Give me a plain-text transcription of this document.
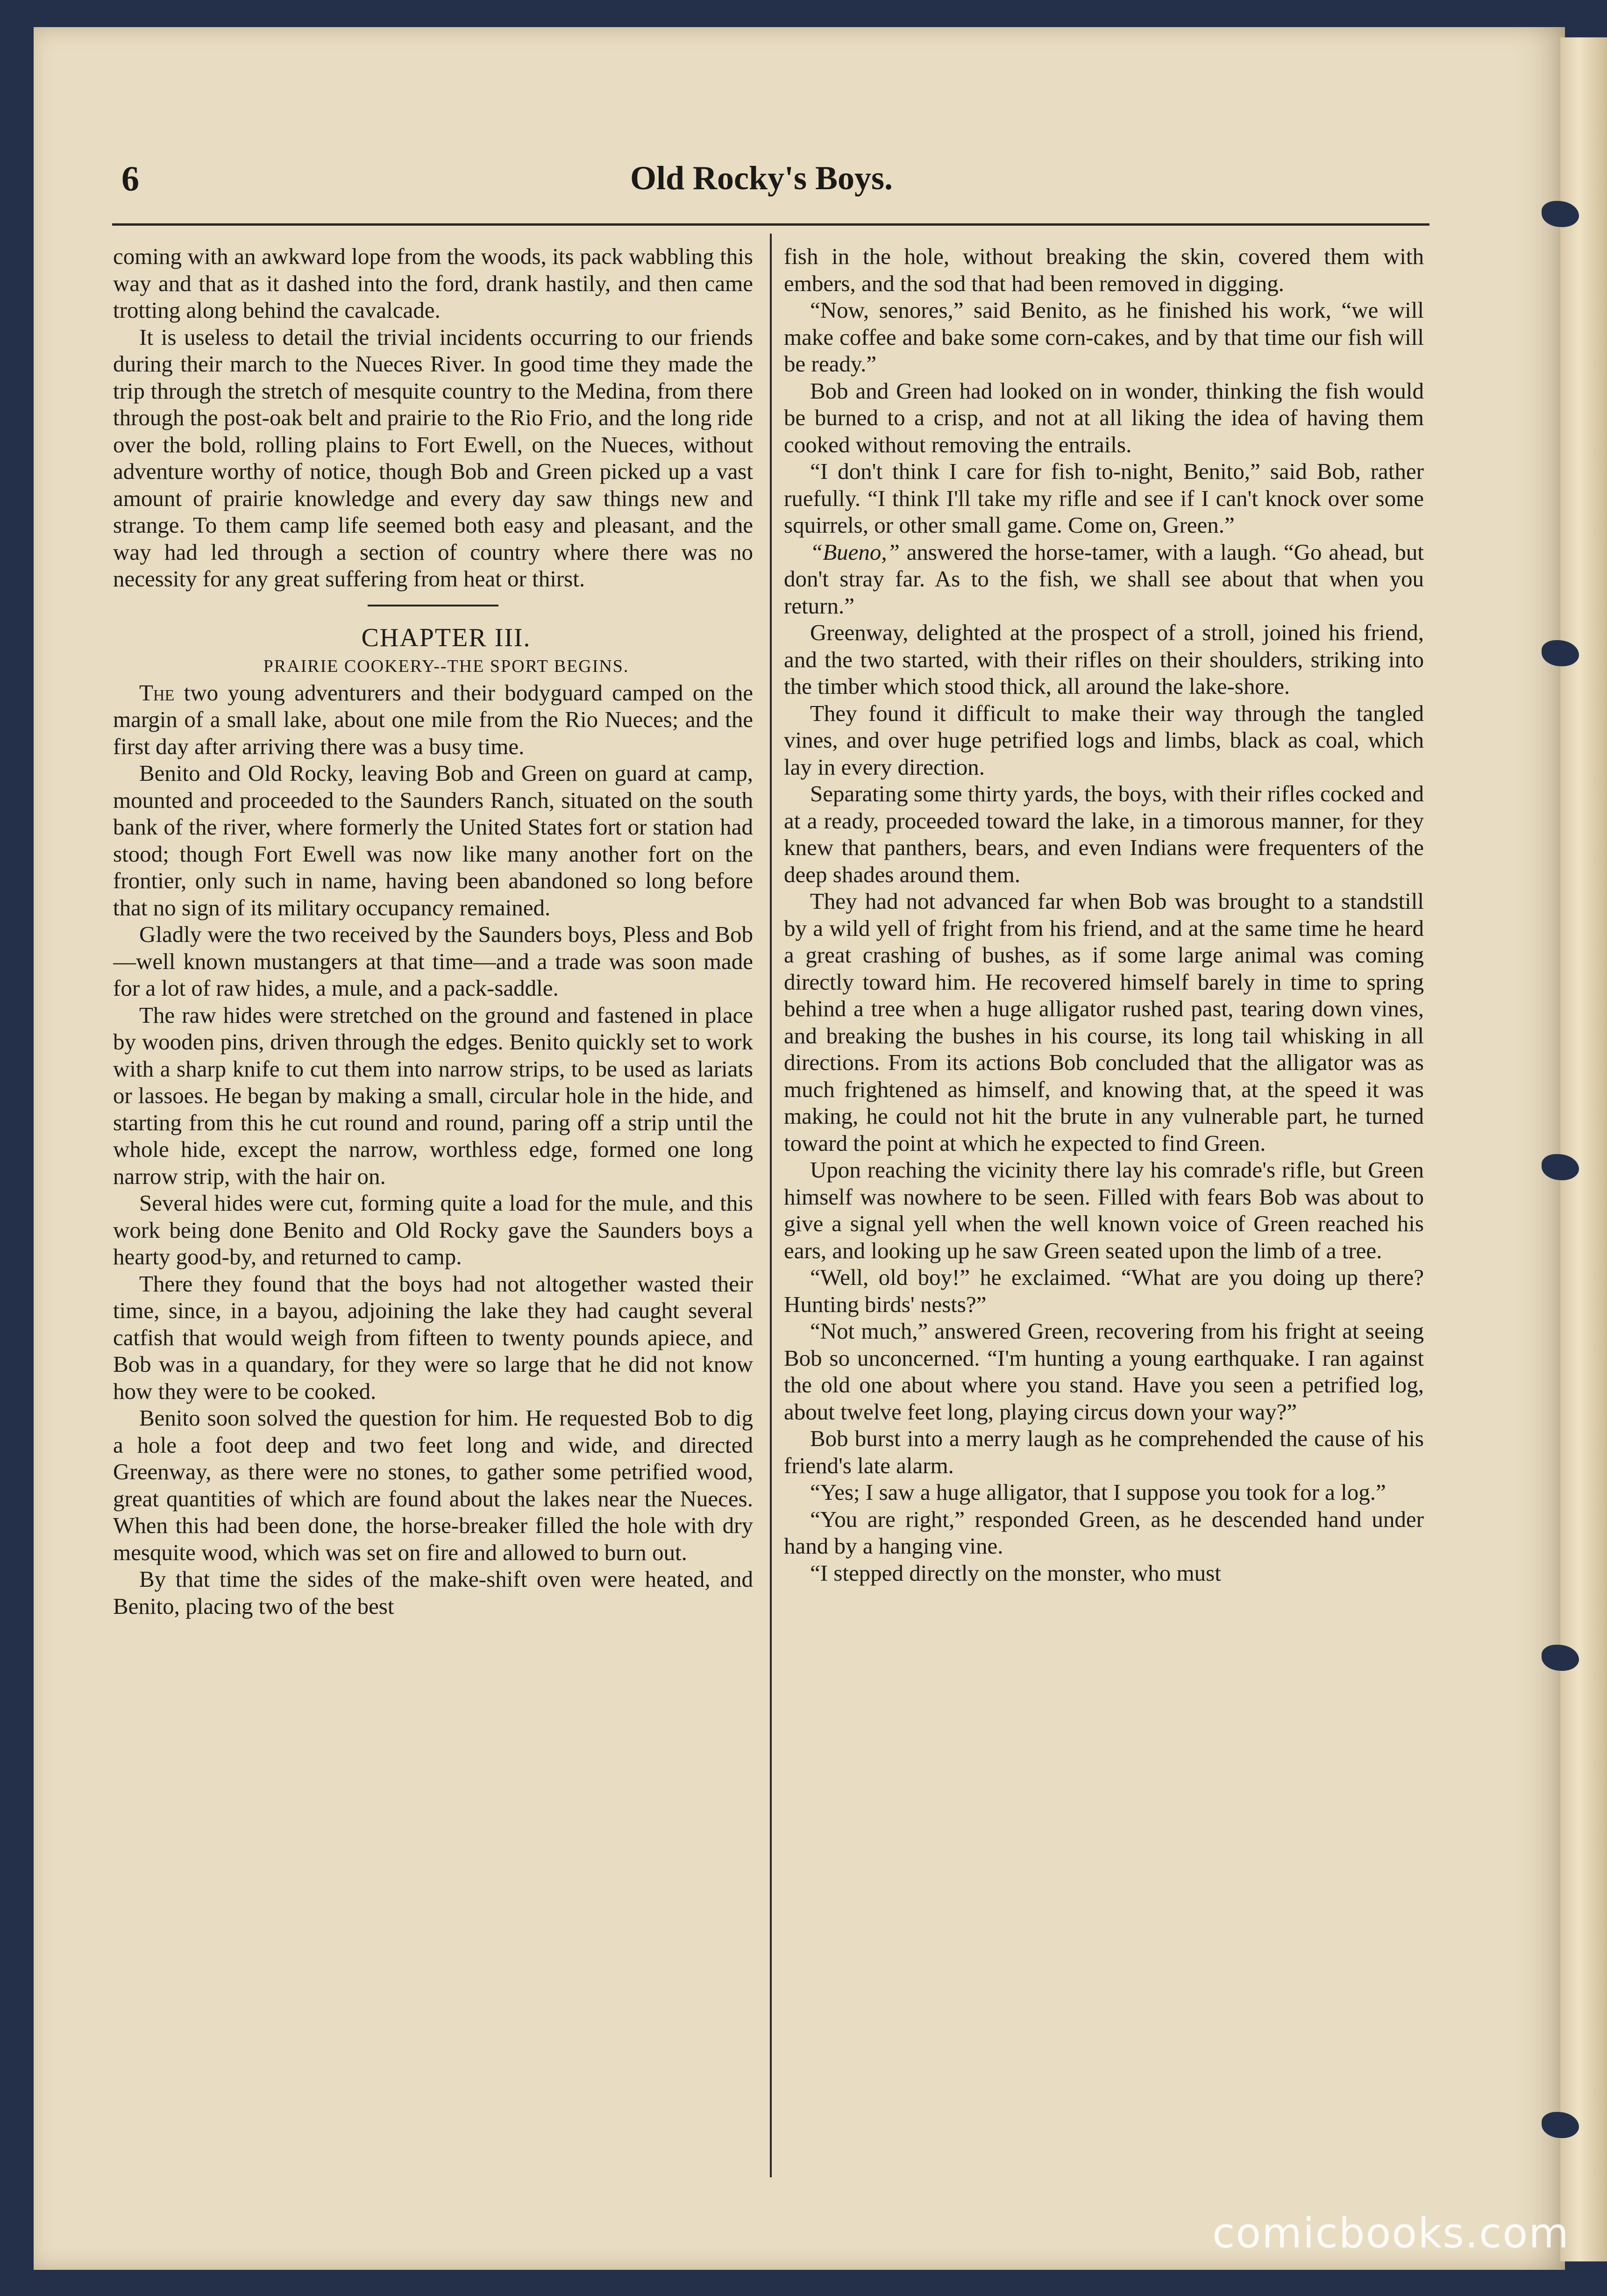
Old Rocky's Boys.
6

coming with an awkward lope from the woods, its pack wabbling this way and that as it dashed into the ford, drank hastily, and then came trotting along behind the cavalcade.

It is useless to detail the trivial incidents occurring to our friends during their march to the Nueces River. In good time they made the trip through the stretch of mesquite country to the Medina, from there through the post-oak belt and prairie to the Rio Frio, and the long ride over the bold, rolling plains to Fort Ewell, on the Nueces, without adventure worthy of notice, though Bob and Green picked up a vast amount of prairie knowledge and every day saw things new and strange. To them camp life seemed both easy and pleasant, and the way had led through a section of country where there was no necessity for any great suffering from heat or thirst.

CHAPTER III.

PRAIRIE COOKERY--THE SPORT BEGINS.

The two young adventurers and their bodyguard camped on the margin of a small lake, about one mile from the Rio Nueces; and the first day after arriving there was a busy time.

Benito and Old Rocky, leaving Bob and Green on guard at camp, mounted and proceeded to the Saunders Ranch, situated on the south bank of the river, where formerly the United States fort or station had stood; though Fort Ewell was now like many another fort on the frontier, only such in name, having been abandoned so long before that no sign of its military occupancy remained.

Gladly were the two received by the Saunders boys, Pless and Bob—well known mustangers at that time—and a trade was soon made for a lot of raw hides, a mule, and a pack-saddle.

The raw hides were stretched on the ground and fastened in place by wooden pins, driven through the edges. Benito quickly set to work with a sharp knife to cut them into narrow strips, to be used as lariats or lassoes. He began by making a small, circular hole in the hide, and starting from this he cut round and round, paring off a strip until the whole hide, except the narrow, worthless edge, formed one long narrow strip, with the hair on.

Several hides were cut, forming quite a load for the mule, and this work being done Benito and Old Rocky gave the Saunders boys a hearty good-by, and returned to camp.

There they found that the boys had not altogether wasted their time, since, in a bayou, adjoining the lake they had caught several catfish that would weigh from fifteen to twenty pounds apiece, and Bob was in a quandary, for they were so large that he did not know how they were to be cooked.

Benito soon solved the question for him. He requested Bob to dig a hole a foot deep and two feet long and wide, and directed Greenway, as there were no stones, to gather some petrified wood, great quantities of which are found about the lakes near the Nueces. When this had been done, the horse-breaker filled the hole with dry mesquite wood, which was set on fire and allowed to burn out.

By that time the sides of the make-shift oven were heated, and Benito, placing two of the best

fish in the hole, without breaking the skin, covered them with embers, and the sod that had been removed in digging.

“Now, senores,” said Benito, as he finished his work, “we will make coffee and bake some corn-cakes, and by that time our fish will be ready.”

Bob and Green had looked on in wonder, thinking the fish would be burned to a crisp, and not at all liking the idea of having them cooked without removing the entrails.

“I don't think I care for fish to-night, Benito,” said Bob, rather ruefully. “I think I'll take my rifle and see if I can't knock over some squirrels, or other small game. Come on, Green.”

“Bueno,” answered the horse-tamer, with a laugh. “Go ahead, but don't stray far. As to the fish, we shall see about that when you return.”

Greenway, delighted at the prospect of a stroll, joined his friend, and the two started, with their rifles on their shoulders, striking into the timber which stood thick, all around the lake-shore.

They found it difficult to make their way through the tangled vines, and over huge petrified logs and limbs, black as coal, which lay in every direction.

Separating some thirty yards, the boys, with their rifles cocked and at a ready, proceeded toward the lake, in a timorous manner, for they knew that panthers, bears, and even Indians were frequenters of the deep shades around them.

They had not advanced far when Bob was brought to a standstill by a wild yell of fright from his friend, and at the same time he heard a great crashing of bushes, as if some large animal was coming directly toward him. He recovered himself barely in time to spring behind a tree when a huge alligator rushed past, tearing down vines, and breaking the bushes in his course, its long tail whisking in all directions. From its actions Bob concluded that the alligator was as much frightened as himself, and knowing that, at the speed it was making, he could not hit the brute in any vulnerable part, he turned toward the point at which he expected to find Green.

Upon reaching the vicinity there lay his comrade's rifle, but Green himself was nowhere to be seen. Filled with fears Bob was about to give a signal yell when the well known voice of Green reached his ears, and looking up he saw Green seated upon the limb of a tree.

“Well, old boy!” he exclaimed. “What are you doing up there? Hunting birds' nests?”

“Not much,” answered Green, recovering from his fright at seeing Bob so unconcerned. “I'm hunting a young earthquake. I ran against the old one about where you stand. Have you seen a petrified log, about twelve feet long, playing circus down your way?”

Bob burst into a merry laugh as he comprehended the cause of his friend's late alarm.

“Yes; I saw a huge alligator, that I suppose you took for a log.”

“You are right,” responded Green, as he descended hand under hand by a hanging vine.

“I stepped directly on the monster, who must

comicbooks.com
